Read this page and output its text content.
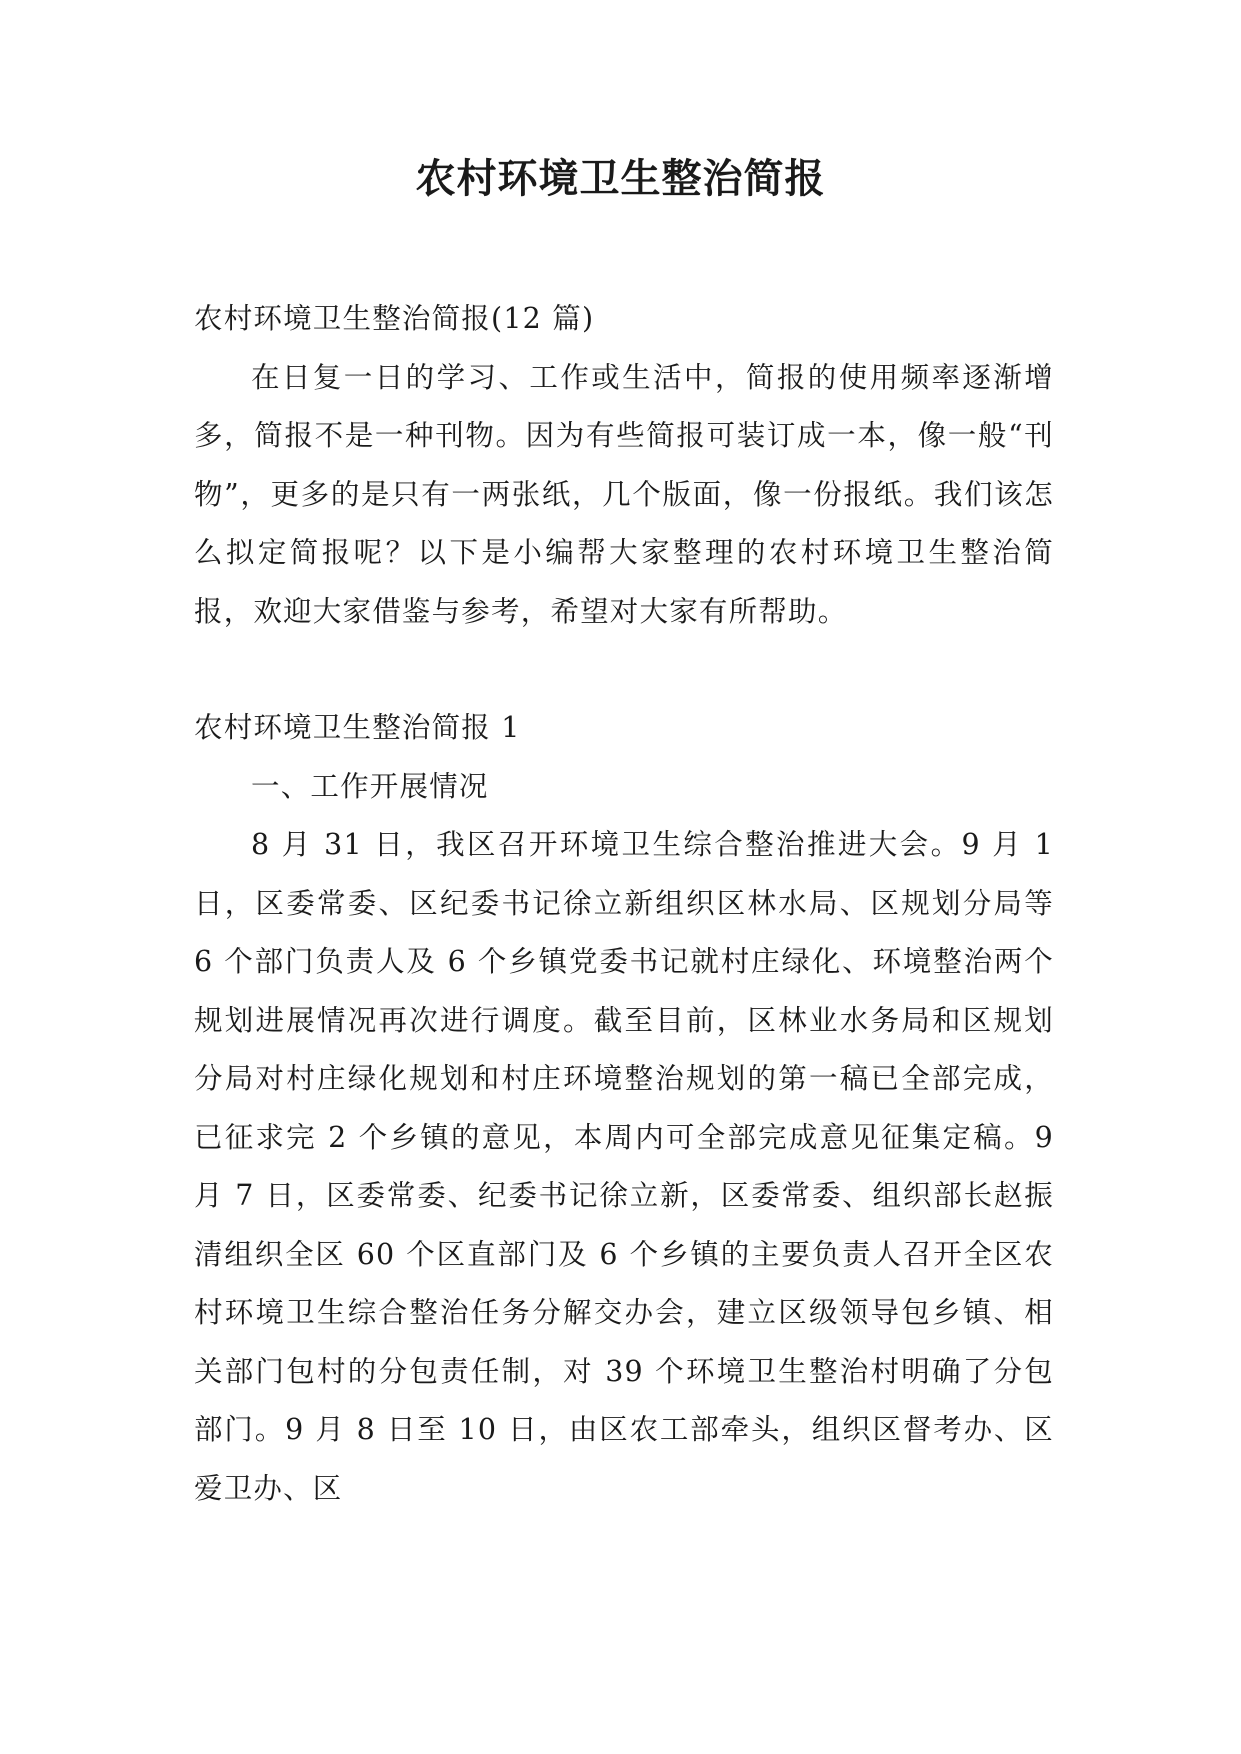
农村环境卫生整治简报

农村环境卫生整治简报(12 篇)

在日复一日的学习、工作或生活中，简报的使用频率逐渐增多，简报不是一种刊物。因为有些简报可装订成一本，像一般“刊物”，更多的是只有一两张纸，几个版面，像一份报纸。我们该怎么拟定简报呢？以下是小编帮大家整理的农村环境卫生整治简报，欢迎大家借鉴与参考，希望对大家有所帮助。

农村环境卫生整治简报 1

一、工作开展情况

8 月 31 日，我区召开环境卫生综合整治推进大会。9 月 1 日，区委常委、区纪委书记徐立新组织区林水局、区规划分局等 6 个部门负责人及 6 个乡镇党委书记就村庄绿化、环境整治两个规划进展情况再次进行调度。截至目前，区林业水务局和区规划分局对村庄绿化规划和村庄环境整治规划的第一稿已全部完成，已征求完 2 个乡镇的意见，本周内可全部完成意见征集定稿。9 月 7 日，区委常委、纪委书记徐立新，区委常委、组织部长赵振清组织全区 60 个区直部门及 6 个乡镇的主要负责人召开全区农村环境卫生综合整治任务分解交办会，建立区级领导包乡镇、相关部门包村的分包责任制，对 39 个环境卫生整治村明确了分包部门。9 月 8 日至 10 日，由区农工部牵头，组织区督考办、区爱卫办、区
